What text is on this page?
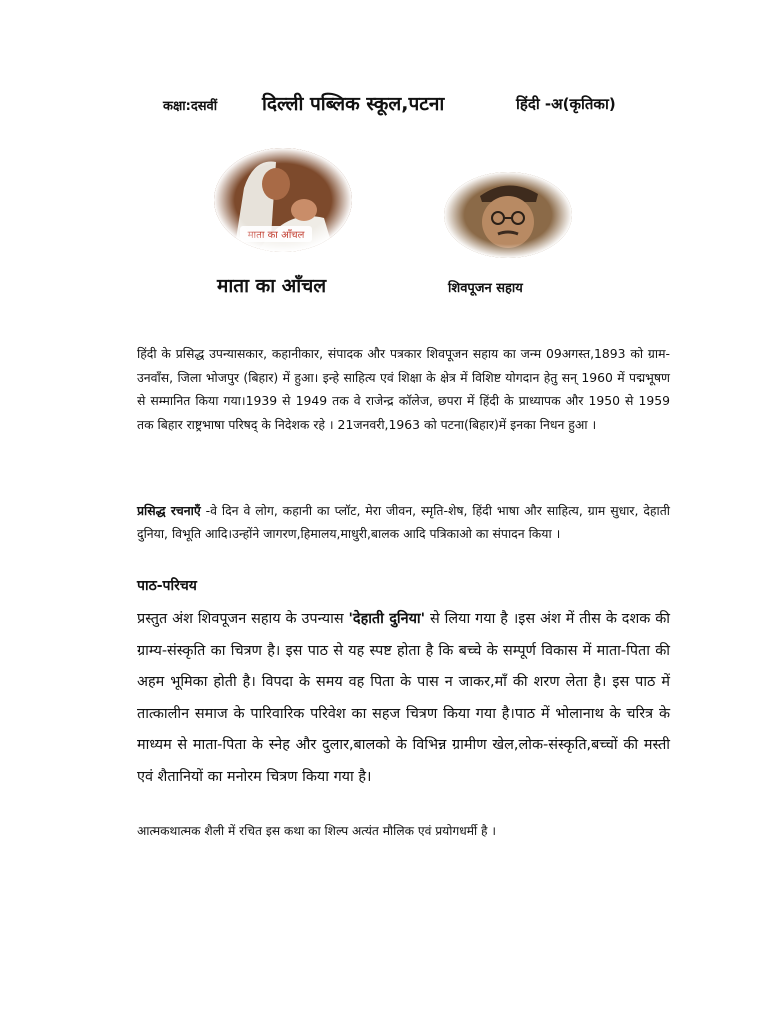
कक्षा:दसवीं दिल्ली पब्लिक स्कूल,पटना	हिंदी -अ(कृतिका)
माता का आँचल	शिवपूजन सहाय
हिंदी के प्रसिद्ध उपन्यासकार, कहानीकार, संपादक और पत्रकार शिवपूजन सहाय का जन्म 09अगस्त,1893 को ग्राम- उनवाँस, जिला भोजपुर (बिहार) में हुआ। इन्हे साहित्य एवं शिक्षा के क्षेत्र में विशिष्ट योगदान हेतु सन् 1960 में पद्मभूषण से सम्मानित किया गया।1939 से 1949 तक वे राजेन्द्र कॉलेज, छपरा में हिंदी के प्राध्यापक और 1950 से 1959 तक बिहार राष्ट्रभाषा परिषद् के निदेशक रहे । 21जनवरी,1963 को पटना(बिहार)में इनका निधन हुआ ।
प्रसिद्ध रचनाएँ -वे दिन वे लोग, कहानी का प्लॉट, मेरा जीवन, स्मृति-शेष, हिंदी भाषा और साहित्य, ग्राम सुधार, देहाती दुनिया, विभूति आदि।उन्होंने जागरण,हिमालय,माधुरी,बालक आदि पत्रिकाओ का संपादन किया ।
पाठ-परिचय
प्रस्तुत अंश शिवपूजन सहाय के उपन्यास 'देहाती दुनिया' से लिया गया है ।इस अंश में तीस के दशक की ग्राम्य-संस्कृति का चित्रण है। इस पाठ से यह स्पष्ट होता है कि बच्चे के सम्पूर्ण विकास में माता-पिता की अहम भूमिका होती है। विपदा के समय वह पिता के पास न जाकर,माँ की शरण लेता है। इस पाठ में तात्कालीन समाज के पारिवारिक परिवेश का सहज चित्रण किया गया है।पाठ में भोलानाथ के चरित्र के माध्यम से माता-पिता के स्नेह और दुलार,बालको के विभिन्न ग्रामीण खेल,लोक-संस्कृति,बच्चों की मस्ती एवं शैतानियों का मनोरम चित्रण किया गया है।
आत्मकथात्मक शैली में रचित इस कथा का शिल्प अत्यंत मौलिक एवं प्रयोगधर्मी है ।
